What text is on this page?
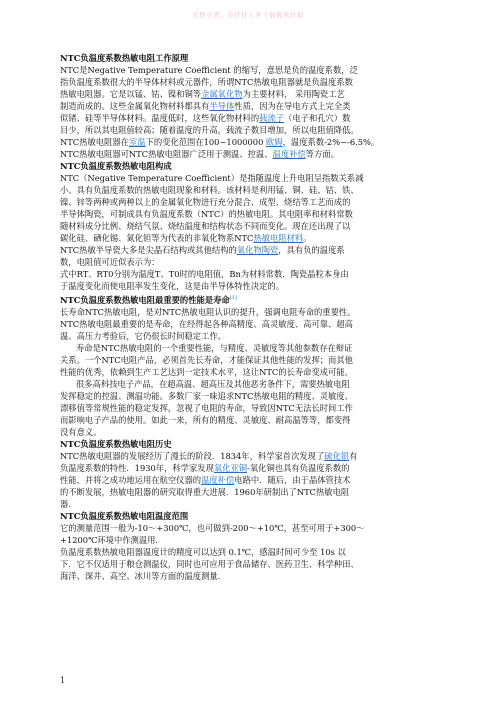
方登立省，走仔什人并干加极乐什拟
NTC负温度系数热敏电阻工作原理
NTC是Negative Temperature Coefficient 的缩写，意思是负的温度系数，泛
指负温度系数很大的半导体材料或元器件，所谓NTC热敏电阻器就是负温度系数
热敏电阻器。它是以锰、钴、镍和铜等金属氧化物为主要材料， 采用陶瓷工艺
制造而成的。这些金属氧化物材料都具有半导体性质，因为在导电方式上完全类
似锗、硅等半导体材料。温度低时，这些氧化物材料的载流子（电子和孔穴）数
目少，所以其电阻值较高；随着温度的升高，载流子数目增加，所以电阻值降低。
NTC热敏电阻器在室温下的变化范围在100~1000000 欧姆，温度系数-2%~-6.5%。
NTC热敏电阻器可NTC热敏电阻器广泛用于测温、控温、温度补偿等方面。
NTC负温度系数热敏电阻构成
NTC（Negative Temperature Coefficient）是指随温度上升电阻呈指数关系减
小、具有负温度系数的热敏电阻现象和材料。该材料是利用锰、铜、硅、钴、铁、
镍、锌等两种或两种以上的金属氧化物进行充分混合、成型、烧结等工艺而成的
半导体陶瓷，可制成具有负温度系数（NTC）的热敏电阻。其电阻率和材料常数
随材料成分比例、烧结气氛、烧结温度和结构状态不同而变化。现在还出现了以
碳化硅、硒化锡、氮化钽等为代表的非氧化物系NTC热敏电阻材料。
NTC热敏半导瓷大多是尖晶石结构或其他结构的氧化物陶瓷，具有负的温度系
数，电阻值可近似表示为：
式中RT、RT0分别为温度T、T0时的电阻值，Bn为材料常数．陶瓷晶粒本身由
于温度变化而使电阻率发生变化，这是由半导体特性决定的。
NTC负温度系数热敏电阻最重要的性能是寿命[1]
长寿命NTC热敏电阻，是对NTC热敏电阻认识的提升，强调电阻寿命的重要性。
NTC热敏电阻最重要的是寿命，在经得起各种高精度、高灵敏度、高可靠、超高
温、高压力考验后，它仍很长时间稳定工作。
寿命是NTC热敏电阻的一个重要性能，与精度、灵敏度等其他参数存在辩证
关系。一个NTC电阻产品，必须首先长寿命，才能保证其他性能的发挥；而其他
性能的优秀，依赖到生产工艺达到一定技术水平，这让NTC的长寿命变成可能。
很多高科技电子产品，在超高温、超高压及其他恶劣条件下，需要热敏电阻
发挥稳定的控温、测温功能。多数厂家一味追求NTC热敏电阻的精度、灵敏度、
漂移值等常规性能的稳定发挥，忽视了电阻的寿命，导致因NTC无法长时间工作
而影响电子产品的使用。如此一来，所有的精度、灵敏度、耐高温等等，都变得
没有意义。
NTC负温度系数热敏电阻历史
NTC热敏电阻器的发展经历了漫长的阶段．1834年，科学家首次发现了硫化银有
负温度系数的特性．1930年，科学家发现氧化亚铜-氧化铜也具有负温度系数的
性能，并将之成功地运用在航空仪器的温度补偿电路中．随后，由于晶体管技术
的不断发展，热敏电阻器的研究取得重大进展．1960年研制出了NTC热敏电阻
器．
NTC负温度系数热敏电阻温度范围
它的测量范围一般为-10～+300℃，也可做到-200～+10℃，甚至可用于+300～
+1200℃环境中作测温用．
负温度系数热敏电阻器温度计的精度可以达到 0.1℃，感温时间可少至 10s 以
下．它不仅适用于粮仓测温仪，同时也可应用于食品储存、医药卫生、科学种田、
海洋、深井、高空、冰川等方面的温度测量．
1
